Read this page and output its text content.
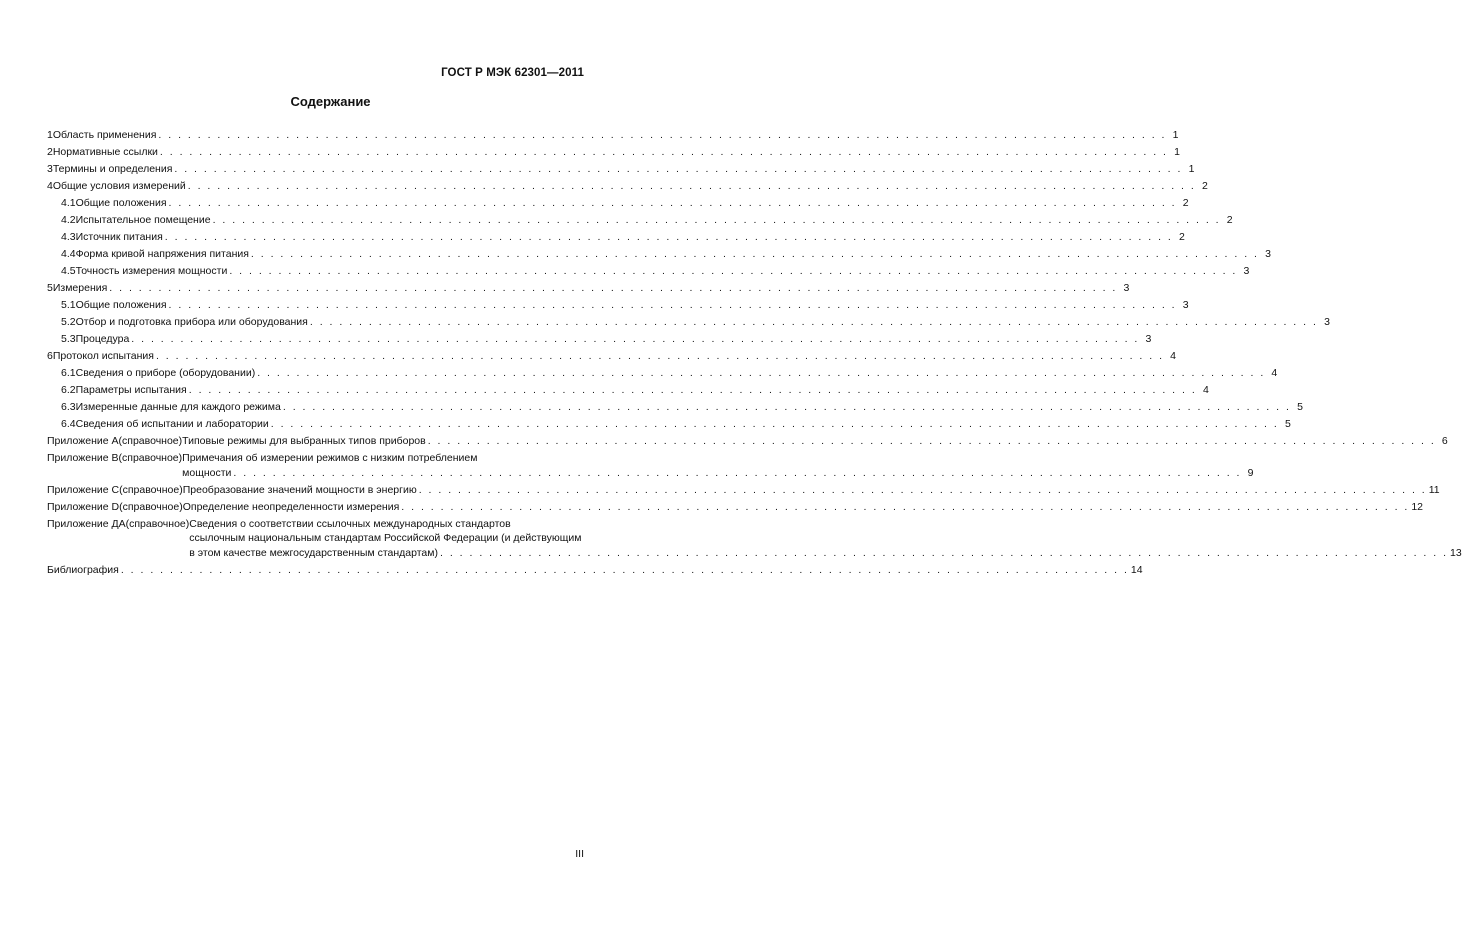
ГОСТ Р МЭК 62301—2011
Содержание
1 Область применения . . .	1
2 Нормативные ссылки . . .	1
3 Термины и определения . . .	1
4 Общие условия измерений . . .	2
4.1 Общие положения . . .	2
4.2 Испытательное помещение . . .	2
4.3 Источник питания . . .	2
4.4 Форма кривой напряжения питания . . .	3
4.5 Точность измерения мощности . . .	3
5 Измерения . . .	3
5.1 Общие положения . . .	3
5.2 Отбор и подготовка прибора или оборудования . . .	3
5.3 Процедура . . .	3
6 Протокол испытания . . .	4
6.1 Сведения о приборе (оборудовании) . . .	4
6.2 Параметры испытания . . .	4
6.3 Измеренные данные для каждого режима . . .	5
6.4 Сведения об испытании и лаборатории . . .	5
Приложение А (справочное) Типовые режимы для выбранных типов приборов . . .	6
Приложение В (справочное) Примечания об измерении режимов с низким потреблением
мощности . . .	9
Приложение С (справочное) Преобразование значений мощности в энергию . . .	11
Приложение D (справочное) Определение неопределенности измерения . . .	12
Приложение ДА (справочное) Сведения о соответствии ссылочных международных стандартов
ссылочным национальным стандартам Российской Федерации (и действующим
в этом качестве межгосударственным стандартам) . . .	13
Библиография . . .	14
III
